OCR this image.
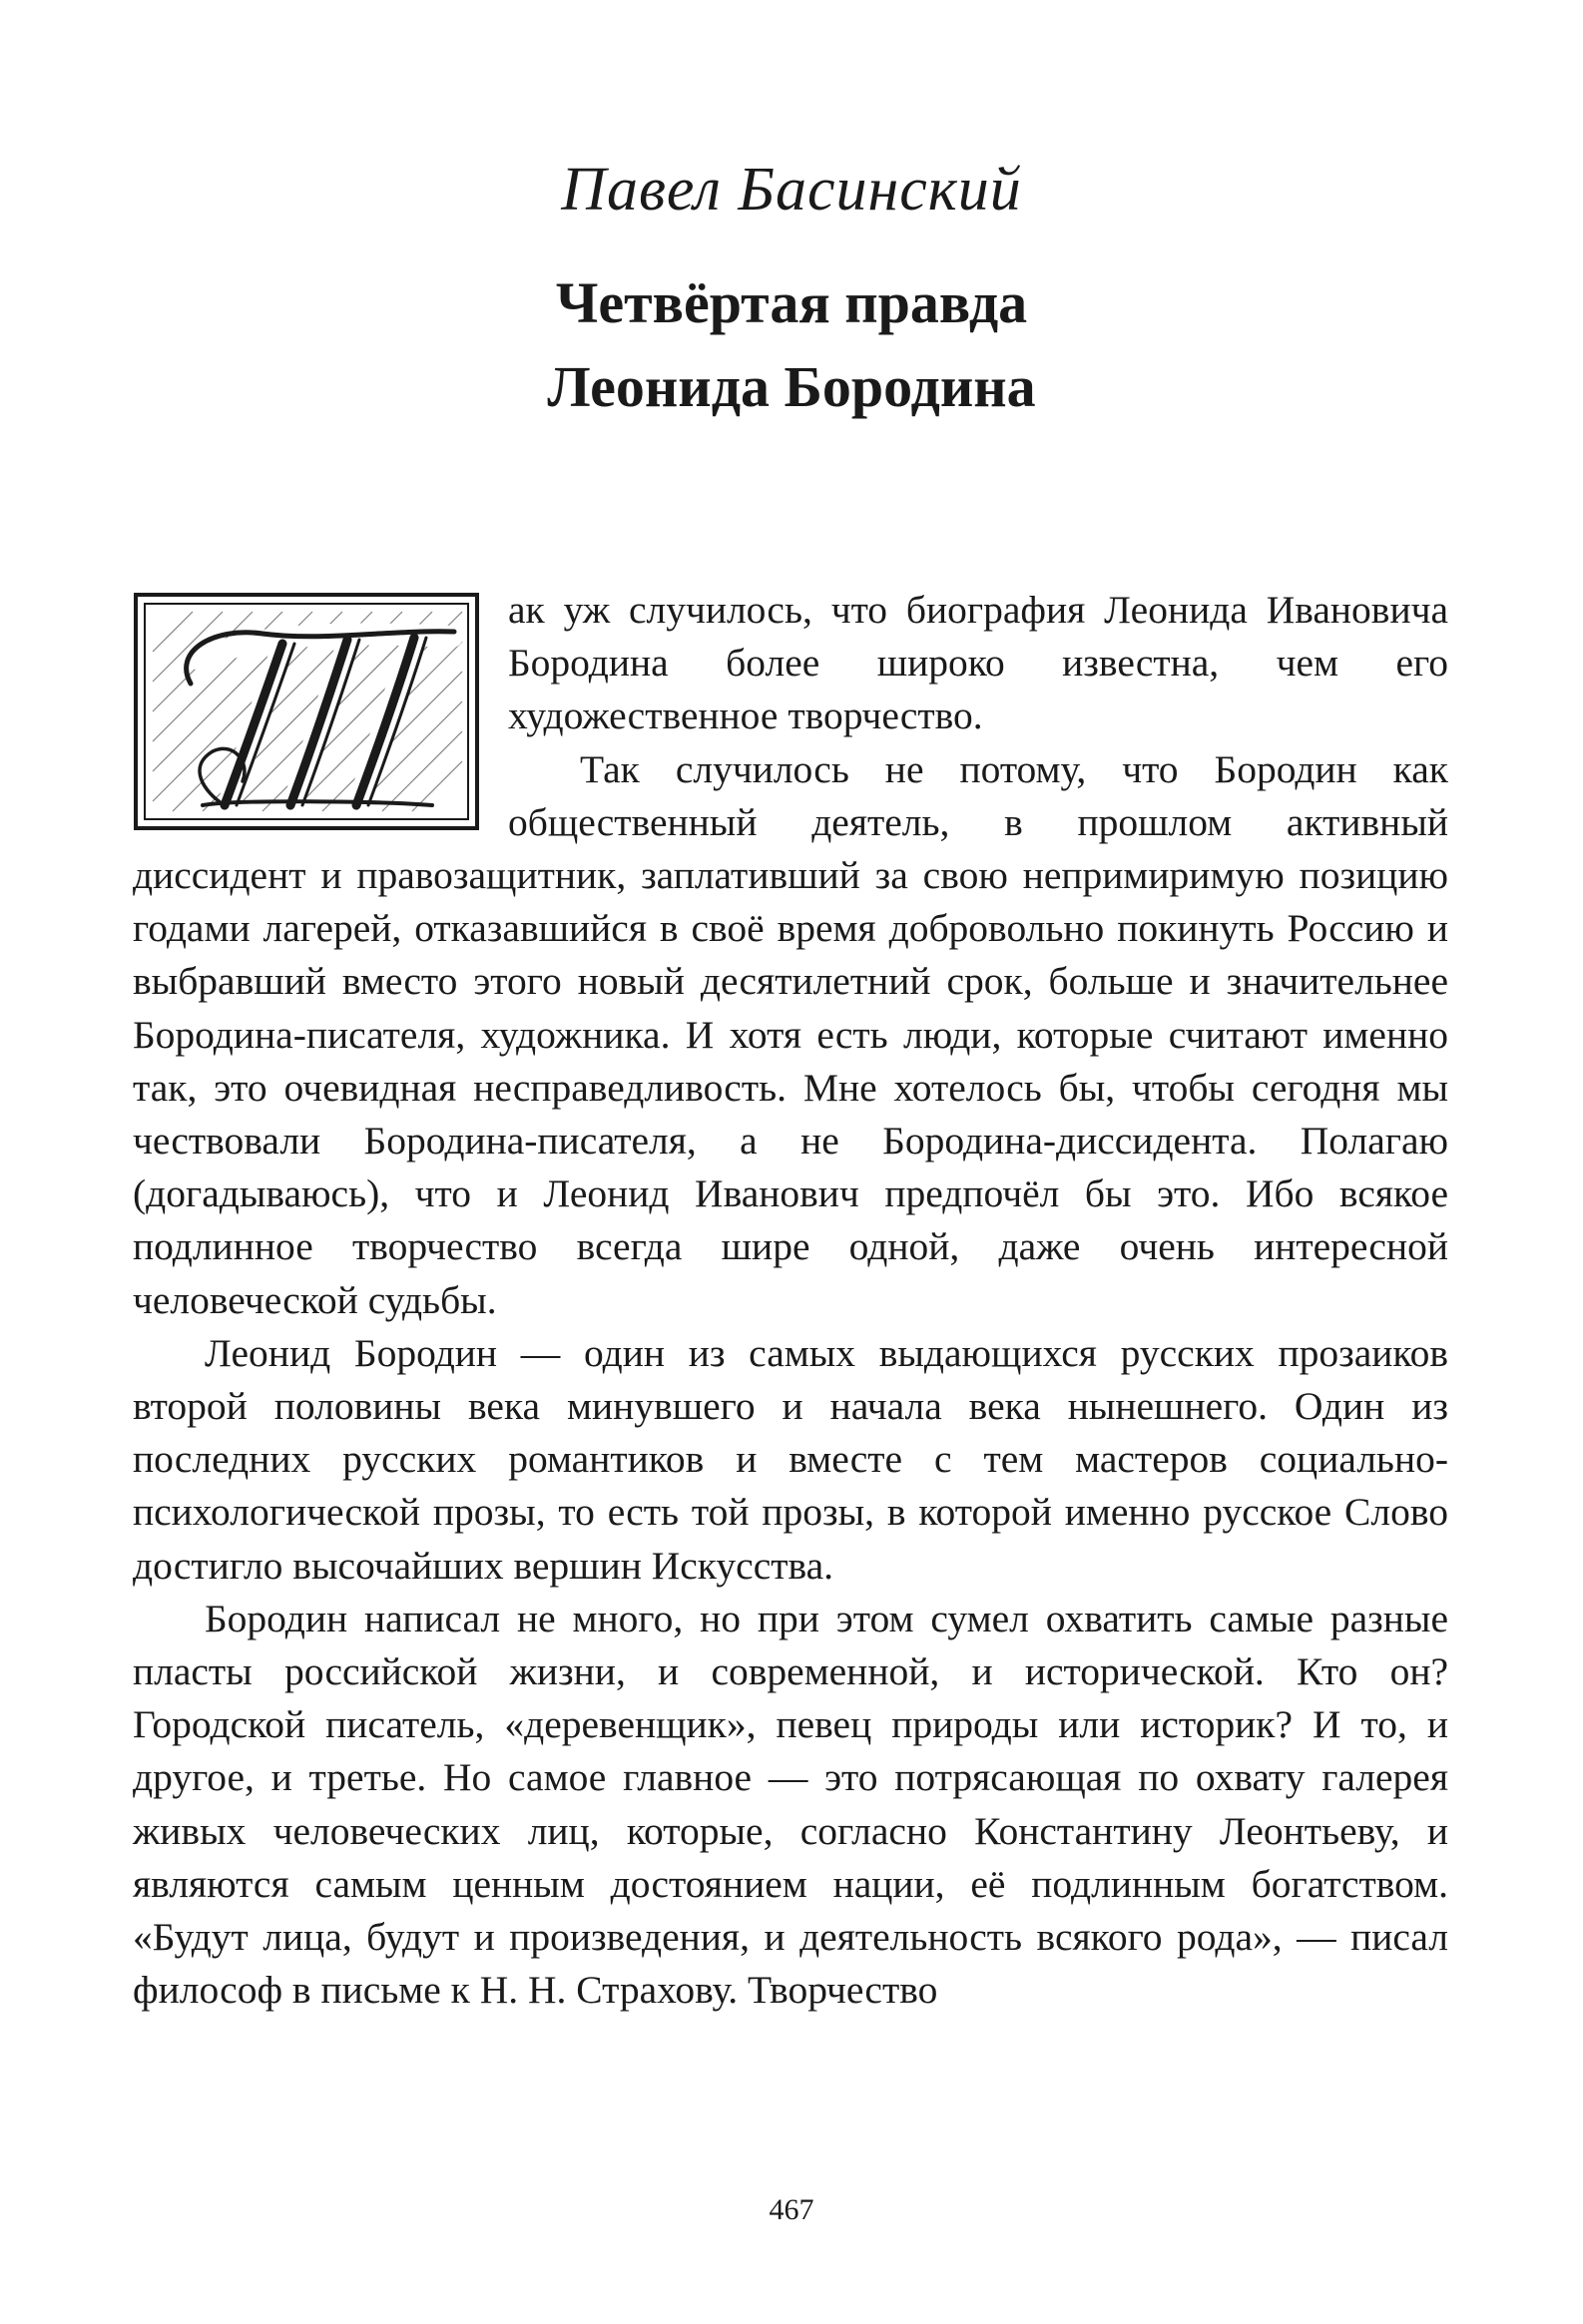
Павел Басинский
Четвёртая правда
Леонида Бородина

ак уж случилось, что биография Леонида Ивановича Бородина более широко известна, чем его художественное творчество.

Так случилось не потому, что Бородин как общественный деятель, в прошлом активный диссидент и правозащитник, заплативший за свою непримиримую позицию годами лагерей, отказавшийся в своё время добровольно покинуть Россию и выбравший вместо этого новый десятилетний срок, больше и значительнее Бородина-писателя, художника. И хотя есть люди, которые считают именно так, это очевидная несправедливость. Мне хотелось бы, чтобы сегодня мы чествовали Бородина-писателя, а не Бородина-диссидента. Полагаю (догадываюсь), что и Леонид Иванович предпочёл бы это. Ибо всякое подлинное творчество всегда шире одной, даже очень интересной человеческой судьбы.

Леонид Бородин — один из самых выдающихся русских прозаиков второй половины века минувшего и начала века нынешнего. Один из последних русских романтиков и вместе с тем мастеров социально-психологической прозы, то есть той прозы, в которой именно русское Слово достигло высочайших вершин Искусства.

Бородин написал не много, но при этом сумел охватить самые разные пласты российской жизни, и современной, и исторической. Кто он? Городской писатель, «деревенщик», певец природы или историк? И то, и другое, и третье. Но самое главное — это потрясающая по охвату галерея живых человеческих лиц, которые, согласно Константину Леонтьеву, и являются самым ценным достоянием нации, её подлинным богатством. «Будут лица, будут и произведения, и деятельность всякого рода», — писал философ в письме к Н. Н. Страхову. Творчество

467
